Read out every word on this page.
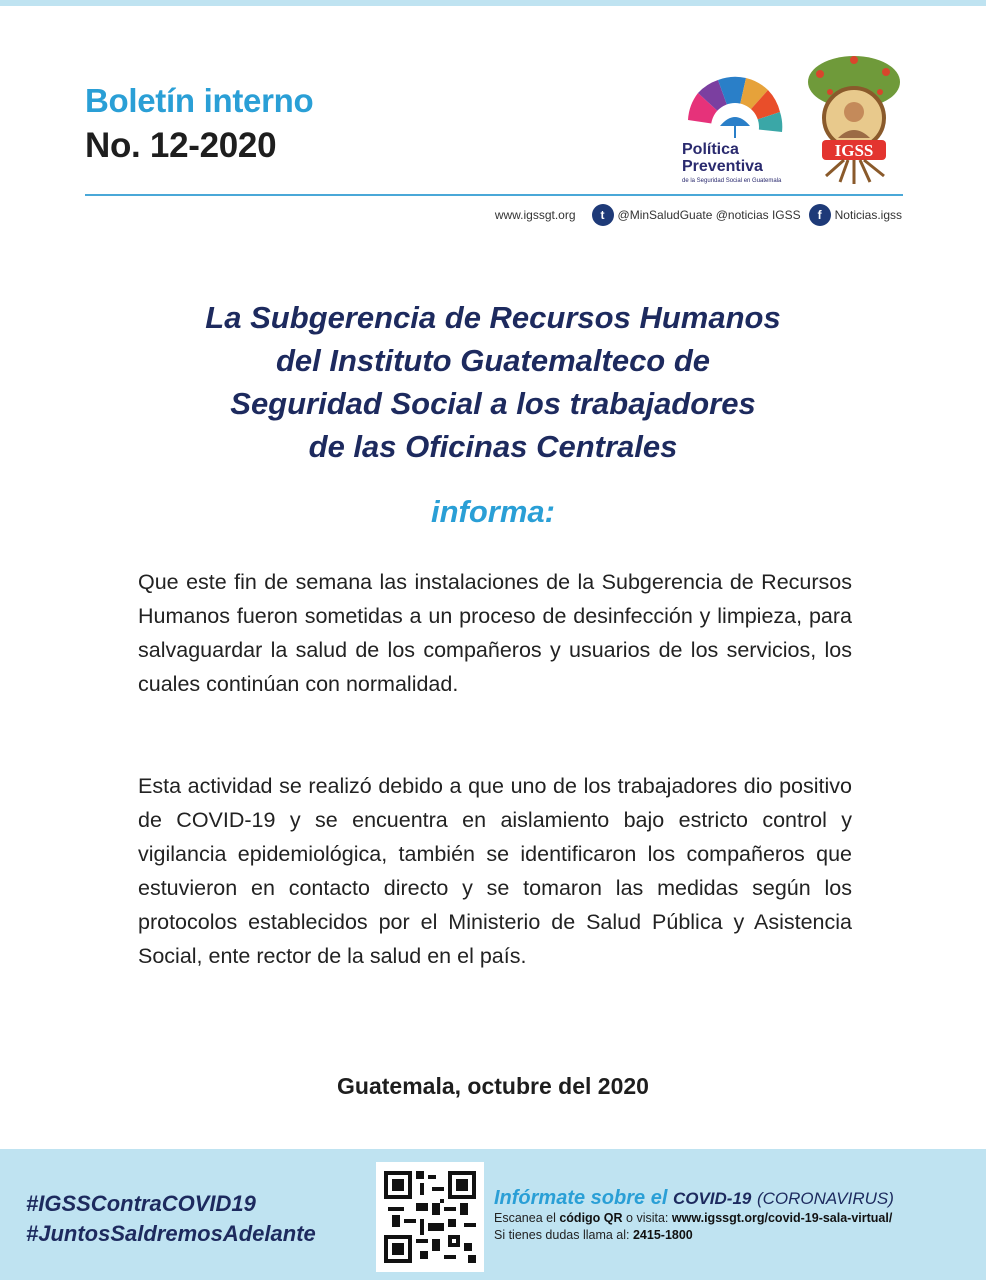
Boletín interno
No. 12-2020	Política
Preventiva
de la Seguridad Social en Guatemala
IGSS
www.igssgt.org	t	@MinSaludGuate @noticias IGSS	f	Noticias.igss
La Subgerencia de Recursos Humanos
del Instituto Guatemalteco de
Seguridad Social a los trabajadores
de las Oficinas Centrales
informa:

Que este fin de semana las instalaciones de la Subgerencia de Recursos Humanos fueron sometidas a un proceso de desinfección y limpieza, para salvaguardar la salud de los compañeros y usuarios de los servicios, los cuales continúan con normalidad.

Esta actividad se realizó debido a que uno de los trabajadores dio positivo de COVID-19 y se encuentra en aislamiento bajo estricto control y vigilancia epidemiológica, también se identificaron los compañeros que estuvieron en contacto directo y se tomaron las medidas según los protocolos establecidos por el Ministerio de Salud Pública y Asistencia Social, ente rector de la salud en el país.

Guatemala, octubre del 2020
#IGSSContraCOVID19
#JuntosSaldremosAdelante
Infórmate sobre el COVID-19 (CORONAVIRUS)
Escanea el código QR o visita: www.igssgt.org/covid-19-sala-virtual/
Si tienes dudas llama al: 2415-1800
